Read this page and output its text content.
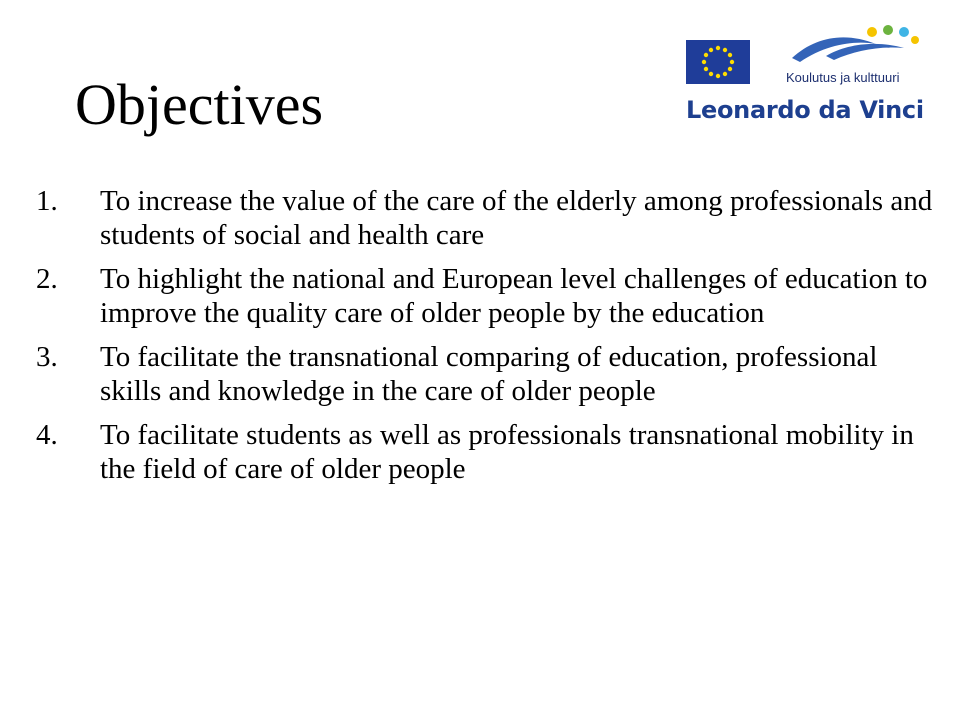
Objectives	Koulutus ja kulttuuri
Leonardo da Vinci
1. To increase the value of the care of the elderly among professionals and students of social and health care
2. To highlight the national and European level challenges of education to improve the quality care of older people by the education
3. To facilitate the transnational comparing of education, professional skills and knowledge in the care of older people
4. To facilitate students as well as professionals transnational mobility in the field of care of older people
